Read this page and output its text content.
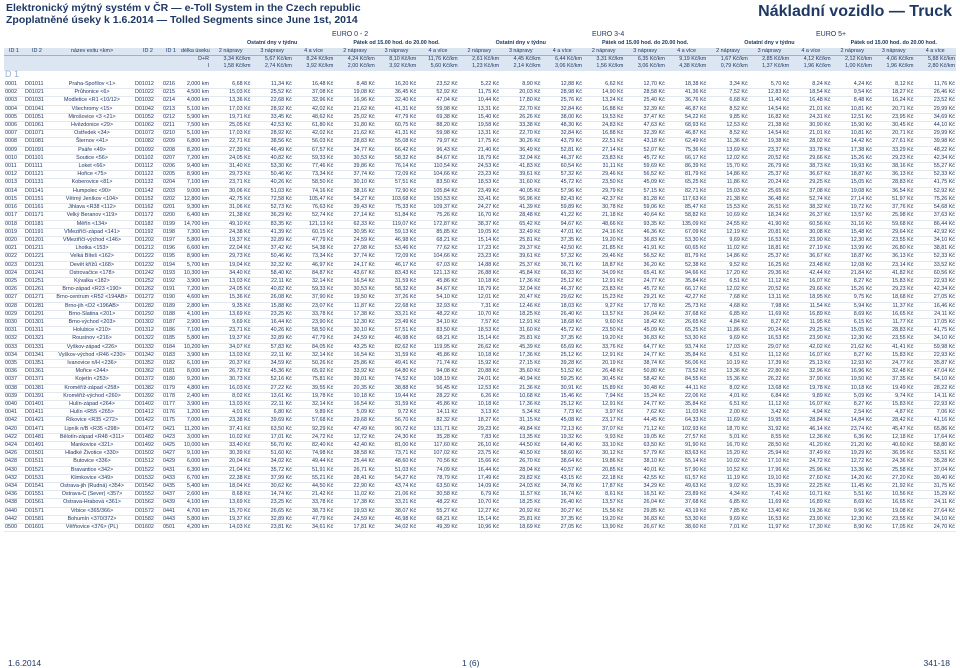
Elektronický mýtný systém v ČR — e-Toll System in the Czech republic
Zpoplatněné úseky k 1.6.2014 — Tolled Segments since June 1st, 2014	Nákladní vozidlo — Truck
EURO 0 - 2	EURO 3-4	EURO 5+
						Ostatní dny v týdnu			Pátek od 15.00 hod. do 20.00 hod.			Ostatní dny v týdnu			Pátek od 15.00 hod. do 20.00 hod.			Ostatní dny v týdnu			Pátek od 15.00 hod. do 20.00 hod.		
ID 1	ID 2	název exitu <km>	ID 2	ID 1	délka úseku	2 nápravy	3 nápravy	4 a více	2 nápravy	3 nápravy	4 a více	2 nápravy	3 nápravy	4 a více	2 nápravy	3 nápravy	4 a více	2 nápravy	3 nápravy	4 a více	2 nápravy	3 nápravy	4 a více
					D+R	3,34 Kč/km	5,67 Kč/km	8,24 Kč/km	4,24 Kč/km	8,10 Kč/km	11,76 Kč/km	2,61 Kč/km	4,45 Kč/km	6,44 Kč/km	3,31 Kč/km	6,35 Kč/km	9,19 Kč/km	1,67 Kč/km	2,85 Kč/km	4,12 Kč/km	2,12 Kč/km	4,06 Kč/km	5,88 Kč/km
					I	1,58 Kč/km	2,74 Kč/km	3,92 Kč/km	2,00 Kč/km	3,92 Kč/km	5,60 Kč/km	1,23 Kč/km	2,14 Kč/km	3,06 Kč/km	1,56 Kč/km	3,06 Kč/km	4,38 Kč/km	0,79 Kč/km	1,37 Kč/km	1,96 Kč/km	1,00 Kč/km	1,96 Kč/km	2,80 Kč/km
D 1																							

0001	D01011	Praha-Spořilov <1>	D01012	0216	2,000 km	6,68 Kč	11,34 Kč	16,48 Kč	8,48 Kč	16,20 Kč	23,52 Kč	5,22 Kč	8,90 Kč	12,88 Kč	6,62 Kč	12,70 Kč	18,38 Kč	3,34 Kč	5,70 Kč	8,24 Kč	4,24 Kč	8,12 Kč	11,76 Kč
0002	D01021	Průhonice <6>	D01022	0215	4,500 km	15,03 Kč	25,52 Kč	37,08 Kč	19,08 Kč	36,45 Kč	52,92 Kč	11,75 Kč	20,03 Kč	28,98 Kč	14,90 Kč	28,58 Kč	41,36 Kč	7,52 Kč	12,83 Kč	18,54 Kč	9,54 Kč	18,27 Kč	26,46 Kč
0003	D01031	Modletice <R1 <10/12>	D01032	0214	4,000 km	13,36 Kč	22,68 Kč	32,96 Kč	16,96 Kč	32,40 Kč	47,04 Kč	10,44 Kč	17,80 Kč	25,76 Kč	13,24 Kč	25,40 Kč	36,76 Kč	6,68 Kč	11,40 Kč	16,48 Kč	8,48 Kč	16,24 Kč	23,52 Kč
0004	D01041	Všechromy <15>	D01042	0213	5,100 km	17,03 Kč	28,92 Kč	42,02 Kč	21,62 Kč	41,31 Kč	59,98 Kč	13,31 Kč	22,70 Kč	32,84 Kč	16,88 Kč	32,39 Kč	46,87 Kč	8,52 Kč	14,54 Kč	21,01 Kč	10,81 Kč	20,71 Kč	29,99 Kč
0005	D01051	Mirošovice <3 <21>	D01052	0212	5,900 km	19,71 Kč	33,45 Kč	48,62 Kč	25,02 Kč	47,79 Kč	69,38 Kč	15,40 Kč	26,26 Kč	38,00 Kč	19,53 Kč	37,47 Kč	54,22 Kč	9,85 Kč	16,82 Kč	24,31 Kč	12,51 Kč	23,95 Kč	34,69 Kč
0006	D01061	Hvězdonice <29>	D01062	0211	7,500 km	25,05 Kč	42,53 Kč	61,80 Kč	31,80 Kč	60,75 Kč	88,20 Kč	19,58 Kč	33,38 Kč	48,30 Kč	24,83 Kč	47,63 Kč	68,93 Kč	12,53 Kč	21,38 Kč	30,90 Kč	15,90 Kč	30,45 Kč	44,10 Kč
0007	D01071	Ostředek <34>	D01072	0210	5,100 km	17,03 Kč	28,92 Kč	42,02 Kč	21,62 Kč	41,31 Kč	59,98 Kč	13,31 Kč	22,70 Kč	32,84 Kč	16,88 Kč	32,39 Kč	46,87 Kč	8,52 Kč	14,54 Kč	21,01 Kč	10,81 Kč	20,71 Kč	29,99 Kč
0008	D01081	Šternov <41>	D01082	0209	6,800 km	22,71 Kč	38,56 Kč	56,03 Kč	28,83 Kč	55,08 Kč	79,97 Kč	17,75 Kč	30,26 Kč	43,79 Kč	22,51 Kč	43,18 Kč	62,49 Kč	11,36 Kč	19,38 Kč	28,02 Kč	14,42 Kč	27,61 Kč	39,98 Kč
0009	D01091	Psáře <49>	D01092	0208	8,200 km	27,39 Kč	46,49 Kč	67,57 Kč	34,77 Kč	66,42 Kč	96,43 Kč	21,40 Kč	36,49 Kč	52,81 Kč	27,14 Kč	52,07 Kč	75,36 Kč	13,69 Kč	23,37 Kč	33,78 Kč	17,38 Kč	33,29 Kč	48,22 Kč
0010	D01101	Soutice <56>	D01102	0207	7,200 km	24,05 Kč	40,82 Kč	59,33 Kč	30,53 Kč	58,32 Kč	84,67 Kč	18,79 Kč	32,04 Kč	46,37 Kč	23,83 Kč	45,72 Kč	66,17 Kč	12,02 Kč	20,52 Kč	29,66 Kč	15,26 Kč	29,23 Kč	42,34 Kč
0011	D01111	Loket <66>	D01112	0206	9,400 km	31,40 Kč	53,30 Kč	77,46 Kč	39,86 Kč	76,14 Kč	110,54 Kč	24,53 Kč	41,83 Kč	60,54 Kč	31,11 Kč	59,69 Kč	86,39 Kč	15,70 Kč	26,79 Kč	38,73 Kč	19,93 Kč	38,16 Kč	55,27 Kč
0012	D01121	Hořice <75>	D01122	0205	8,900 km	29,73 Kč	50,46 Kč	73,34 Kč	37,74 Kč	72,09 Kč	104,66 Kč	23,23 Kč	39,61 Kč	57,32 Kč	29,46 Kč	56,52 Kč	81,79 Kč	14,86 Kč	25,37 Kč	36,67 Kč	18,87 Kč	36,13 Kč	52,33 Kč
0013	D01131	Koberovice <81>	D01132	0204	7,100 km	23,71 Kč	40,26 Kč	58,50 Kč	30,10 Kč	57,51 Kč	83,50 Kč	18,53 Kč	31,60 Kč	45,72 Kč	23,50 Kč	45,09 Kč	65,25 Kč	11,86 Kč	20,24 Kč	29,25 Kč	15,05 Kč	28,83 Kč	41,75 Kč
0014	D01141	Humpolec <90>	D01142	0203	9,000 km	30,06 Kč	51,03 Kč	74,16 Kč	38,16 Kč	72,90 Kč	105,84 Kč	23,49 Kč	40,05 Kč	57,96 Kč	29,79 Kč	57,15 Kč	82,71 Kč	15,03 Kč	25,65 Kč	37,08 Kč	19,08 Kč	36,54 Kč	52,92 Kč
0015	D01151	Větrný Jeníkov <104>	D01152	0202	12,800 km	42,75 Kč	72,58 Kč	105,47 Kč	54,27 Kč	103,68 Kč	150,53 Kč	33,41 Kč	56,96 Kč	82,43 Kč	42,37 Kč	81,28 Kč	117,63 Kč	21,38 Kč	36,48 Kč	52,74 Kč	27,14 Kč	51,97 Kč	75,26 Kč
0016	D01161	Jihlava <R38 <112>	D01162	0201	9,300 km	31,06 Kč	52,73 Kč	76,63 Kč	39,43 Kč	75,33 Kč	109,37 Kč	24,27 Kč	41,39 Kč	59,89 Kč	30,78 Kč	59,06 Kč	85,47 Kč	15,53 Kč	26,51 Kč	38,32 Kč	19,72 Kč	37,76 Kč	54,68 Kč
0017	D01171	Velký Beranov <119>	D01172	0200	6,400 km	21,38 Kč	36,29 Kč	52,74 Kč	27,14 Kč	51,84 Kč	75,26 Kč	16,70 Kč	28,48 Kč	41,22 Kč	21,18 Kč	40,64 Kč	58,82 Kč	10,69 Kč	18,24 Kč	26,37 Kč	13,57 Kč	25,98 Kč	37,63 Kč
0018	D01181	Měřín <134>	D01182	0199	14,700 km	49,10 Kč	83,35 Kč	121,13 Kč	62,33 Kč	119,07 Kč	172,87 Kč	38,37 Kč	65,42 Kč	94,67 Kč	48,66 Kč	93,35 Kč	135,09 Kč	24,55 Kč	41,90 Kč	60,56 Kč	31,16 Kč	59,68 Kč	86,44 Kč
0019	D01191	VMeziříčí-západ <141>	D01192	0198	7,300 km	24,38 Kč	41,39 Kč	60,15 Kč	30,95 Kč	59,13 Kč	85,85 Kč	19,05 Kč	32,49 Kč	47,01 Kč	24,16 Kč	46,36 Kč	67,09 Kč	12,19 Kč	20,81 Kč	30,08 Kč	15,48 Kč	29,64 Kč	42,92 Kč
0020	D01201	VMeziříčí-východ <146>	D01202	0197	5,800 km	19,37 Kč	32,89 Kč	47,79 Kč	24,59 Kč	46,98 Kč	68,21 Kč	15,14 Kč	25,81 Kč	37,35 Kč	19,20 Kč	36,83 Kč	53,30 Kč	9,69 Kč	16,53 Kč	23,90 Kč	12,30 Kč	23,55 Kč	34,10 Kč
0021	D01211	Lhotka <153>	D01212	0196	6,600 km	22,04 Kč	37,42 Kč	54,38 Kč	27,98 Kč	53,46 Kč	77,62 Kč	17,23 Kč	29,37 Kč	42,50 Kč	21,85 Kč	41,91 Kč	60,65 Kč	11,02 Kč	18,81 Kč	27,19 Kč	13,99 Kč	26,80 Kč	38,81 Kč
0022	D01221	Velká Bíteš <162>	D01222	0195	8,900 km	29,73 Kč	50,46 Kč	73,34 Kč	37,74 Kč	72,09 Kč	104,66 Kč	23,23 Kč	39,61 Kč	57,32 Kč	29,46 Kč	56,52 Kč	81,79 Kč	14,86 Kč	25,37 Kč	36,67 Kč	18,87 Kč	36,13 Kč	52,33 Kč
0023	D01231	Devět křížů <168>	D01232	0194	5,700 km	19,04 Kč	32,32 Kč	46,97 Kč	24,17 Kč	46,17 Kč	67,03 Kč	14,88 Kč	25,37 Kč	36,71 Kč	18,87 Kč	36,20 Kč	52,38 Kč	9,52 Kč	16,25 Kč	23,48 Kč	12,08 Kč	23,14 Kč	33,52 Kč
0024	D01241	Ostrovačice <178>	D01242	0193	10,300 km	34,40 Kč	58,40 Kč	84,87 Kč	43,67 Kč	83,43 Kč	121,13 Kč	26,88 Kč	45,84 Kč	66,33 Kč	34,09 Kč	65,41 Kč	94,66 Kč	17,20 Kč	29,36 Kč	42,44 Kč	21,84 Kč	41,82 Kč	60,56 Kč
0025	D01251	Kývalka <182>	D01252	0192	3,900 km	13,03 Kč	22,11 Kč	32,14 Kč	16,54 Kč	31,59 Kč	45,86 Kč	10,18 Kč	17,36 Kč	25,12 Kč	12,91 Kč	24,77 Kč	35,84 Kč	6,51 Kč	11,12 Kč	16,07 Kč	8,27 Kč	15,83 Kč	22,93 Kč
0026	D01261	Brno-západ <R23 <190>	D01262	0191	7,200 km	24,05 Kč	40,82 Kč	59,33 Kč	30,53 Kč	58,32 Kč	84,67 Kč	18,79 Kč	32,04 Kč	46,37 Kč	23,83 Kč	45,72 Kč	66,17 Kč	12,02 Kč	20,52 Kč	29,66 Kč	15,26 Kč	29,23 Kč	42,34 Kč
0027	D01271	Brno-centrum <R52 <194AB>	D01272	0190	4,600 km	15,36 Kč	26,08 Kč	37,90 Kč	19,50 Kč	37,26 Kč	54,10 Kč	12,01 Kč	20,47 Kč	29,62 Kč	15,23 Kč	29,21 Kč	42,27 Kč	7,68 Kč	13,11 Kč	18,95 Kč	9,75 Kč	18,68 Kč	27,05 Kč
0028	D01281	Brno-jih <D2 <196AB>	D01282	0189	2,800 km	9,35 Kč	15,88 Kč	23,07 Kč	11,87 Kč	22,68 Kč	32,93 Kč	7,31 Kč	12,46 Kč	18,03 Kč	9,27 Kč	17,78 Kč	25,73 Kč	4,68 Kč	7,98 Kč	11,54 Kč	5,94 Kč	11,37 Kč	16,46 Kč
0029	D01291	Brno-Slatina <201>	D01292	0188	4,100 km	13,69 Kč	23,25 Kč	33,78 Kč	17,38 Kč	33,21 Kč	48,22 Kč	10,70 Kč	18,25 Kč	26,40 Kč	13,57 Kč	26,04 Kč	37,68 Kč	6,85 Kč	11,69 Kč	16,89 Kč	8,69 Kč	16,65 Kč	24,11 Kč
0030	D01301	Brno-východ <203>	D01302	0187	2,900 km	9,69 Kč	16,44 Kč	23,90 Kč	12,30 Kč	23,49 Kč	34,10 Kč	7,57 Kč	12,91 Kč	18,68 Kč	9,60 Kč	18,42 Kč	26,65 Kč	4,84 Kč	8,27 Kč	11,95 Kč	6,15 Kč	11,77 Kč	17,05 Kč
0031	D01311	Holubice <210>	D01312	0186	7,100 km	23,71 Kč	40,26 Kč	58,50 Kč	30,10 Kč	57,51 Kč	83,50 Kč	18,53 Kč	31,60 Kč	45,72 Kč	23,50 Kč	45,09 Kč	65,25 Kč	11,86 Kč	20,24 Kč	29,25 Kč	15,05 Kč	28,83 Kč	41,75 Kč
0032	D01321	Rousínov <216>	D01322	0185	5,800 km	19,37 Kč	32,89 Kč	47,79 Kč	24,59 Kč	46,98 Kč	68,21 Kč	15,14 Kč	25,81 Kč	37,35 Kč	19,20 Kč	36,83 Kč	53,30 Kč	9,69 Kč	16,53 Kč	23,90 Kč	12,30 Kč	23,55 Kč	34,10 Kč
0033	D01331	Vyškov-západ <226>	D01332	0184	10,200 km	34,07 Kč	57,83 Kč	84,05 Kč	43,25 Kč	82,62 Kč	119,95 Kč	26,62 Kč	45,39 Kč	65,69 Kč	33,76 Kč	64,77 Kč	93,74 Kč	17,03 Kč	29,07 Kč	42,02 Kč	21,62 Kč	41,41 Kč	59,98 Kč
0034	D01341	Vyškov-východ <R46 <230>	D01342	0183	3,900 km	13,03 Kč	22,11 Kč	32,14 Kč	16,54 Kč	31,59 Kč	45,86 Kč	10,18 Kč	17,36 Kč	25,12 Kč	12,91 Kč	24,77 Kč	35,84 Kč	6,51 Kč	11,12 Kč	16,07 Kč	8,27 Kč	15,83 Kč	22,93 Kč
0035	D01351	Ivanovice n/H <236>	D01352	0182	6,100 km	20,37 Kč	34,59 Kč	50,26 Kč	25,86 Kč	49,41 Kč	71,74 Kč	15,92 Kč	27,15 Kč	39,28 Kč	20,19 Kč	38,74 Kč	56,06 Kč	10,19 Kč	17,39 Kč	25,13 Kč	12,93 Kč	24,77 Kč	35,87 Kč
0036	D01361	Mořice <244>	D01362	0181	8,000 km	26,72 Kč	45,36 Kč	65,92 Kč	33,92 Kč	64,80 Kč	94,08 Kč	20,88 Kč	35,60 Kč	51,52 Kč	26,48 Kč	50,80 Kč	73,52 Kč	13,36 Kč	22,80 Kč	32,96 Kč	16,96 Kč	32,48 Kč	47,04 Kč
0037	D01371	Kojetín <253>	D01372	0180	9,200 km	30,73 Kč	52,16 Kč	75,81 Kč	39,01 Kč	74,52 Kč	108,19 Kč	24,01 Kč	40,94 Kč	59,25 Kč	30,45 Kč	58,42 Kč	84,55 Kč	15,36 Kč	26,22 Kč	37,90 Kč	19,50 Kč	37,35 Kč	54,10 Kč
0038	D01381	Kroměříž-západ <258>	D01382	0179	4,800 km	16,03 Kč	27,22 Kč	39,55 Kč	20,35 Kč	38,88 Kč	56,45 Kč	12,53 Kč	21,36 Kč	30,91 Kč	15,89 Kč	30,48 Kč	44,11 Kč	8,02 Kč	13,68 Kč	19,78 Kč	10,18 Kč	19,49 Kč	28,22 Kč
0039	D01391	Kroměříž-východ <260>	D01392	0178	2,400 km	8,02 Kč	13,61 Kč	19,78 Kč	10,18 Kč	19,44 Kč	28,22 Kč	6,26 Kč	10,68 Kč	15,46 Kč	7,94 Kč	15,24 Kč	22,06 Kč	4,01 Kč	6,84 Kč	9,89 Kč	5,09 Kč	9,74 Kč	14,11 Kč
0040	D01401	Hulín-západ <264>	D01402	0177	3,900 km	13,03 Kč	22,11 Kč	32,14 Kč	16,54 Kč	31,59 Kč	45,86 Kč	10,18 Kč	17,36 Kč	25,12 Kč	12,91 Kč	24,77 Kč	35,84 Kč	6,51 Kč	11,12 Kč	16,07 Kč	8,27 Kč	15,83 Kč	22,93 Kč
0041	D01411	Hulín <R55 <265>	D01412	0176	1,200 km	4,01 Kč	6,80 Kč	9,89 Kč	5,09 Kč	9,72 Kč	14,11 Kč	3,13 Kč	5,34 Kč	7,73 Kč	3,97 Kč	7,62 Kč	11,03 Kč	2,00 Kč	3,42 Kč	4,94 Kč	2,54 Kč	4,87 Kč	7,06 Kč
0042	D01421	Říkovice <R35 <272>	D01422	0175	7,000 km	23,38 Kč	39,69 Kč	57,68 Kč	29,68 Kč	56,70 Kč	82,32 Kč	18,27 Kč	31,15 Kč	45,08 Kč	23,17 Kč	44,45 Kč	64,33 Kč	11,69 Kč	19,95 Kč	28,84 Kč	14,84 Kč	28,42 Kč	41,16 Kč
0420	D01471	Lipník n/B <R35 <298>	D01472	0421	11,200 km	37,41 Kč	63,50 Kč	92,29 Kč	47,49 Kč	90,72 Kč	131,71 Kč	29,23 Kč	49,84 Kč	72,13 Kč	37,07 Kč	71,12 Kč	102,93 Kč	18,70 Kč	31,92 Kč	46,14 Kč	23,74 Kč	45,47 Kč	65,86 Kč
0422	D01481	Bělotín-západ <R48 <311>	D01482	0423	3,000 km	10,02 Kč	17,01 Kč	24,72 Kč	12,72 Kč	24,30 Kč	35,28 Kč	7,83 Kč	13,35 Kč	19,32 Kč	9,93 Kč	19,05 Kč	27,57 Kč	5,01 Kč	8,55 Kč	12,36 Kč	6,36 Kč	12,18 Kč	17,64 Kč
0424	D01491	Mankovice <321>	D01492	0425	10,000 km	33,40 Kč	56,70 Kč	82,40 Kč	42,40 Kč	81,00 Kč	117,60 Kč	26,10 Kč	44,50 Kč	64,40 Kč	33,10 Kč	63,50 Kč	91,90 Kč	16,70 Kč	28,50 Kč	41,20 Kč	21,20 Kč	40,60 Kč	58,80 Kč
0426	D01501	Hladké Životice <330>	D01502	0427	9,100 km	30,39 Kč	51,60 Kč	74,98 Kč	38,58 Kč	73,71 Kč	107,02 Kč	23,75 Kč	40,50 Kč	58,60 Kč	30,12 Kč	57,79 Kč	83,63 Kč	15,20 Kč	25,94 Kč	37,49 Kč	19,29 Kč	36,95 Kč	53,51 Kč
0428	D01511	Butovice <336>	D01512	0429	6,000 km	20,04 Kč	34,02 Kč	49,44 Kč	25,44 Kč	48,60 Kč	70,56 Kč	15,66 Kč	26,70 Kč	38,64 Kč	19,86 Kč	38,10 Kč	55,14 Kč	10,02 Kč	17,10 Kč	24,72 Kč	12,72 Kč	24,36 Kč	35,28 Kč
0430	D01521	Bravantice <342>	D01522	0431	6,300 km	21,04 Kč	35,72 Kč	51,91 Kč	26,71 Kč	51,03 Kč	74,09 Kč	16,44 Kč	28,04 Kč	40,57 Kč	20,85 Kč	40,01 Kč	57,90 Kč	10,52 Kč	17,96 Kč	25,96 Kč	13,36 Kč	25,58 Kč	37,04 Kč
0432	D01531	Klimkovice <349>	D01532	0433	6,700 km	22,38 Kč	37,99 Kč	55,21 Kč	28,41 Kč	54,27 Kč	78,79 Kč	17,49 Kč	29,82 Kč	43,15 Kč	22,18 Kč	42,55 Kč	61,57 Kč	11,19 Kč	19,10 Kč	27,60 Kč	14,20 Kč	27,20 Kč	39,40 Kč
0434	D01541	Ostrava-jih (Rudná) <354>	D01542	0435	5,400 km	18,04 Kč	30,62 Kč	44,50 Kč	22,90 Kč	43,74 Kč	63,50 Kč	14,09 Kč	24,03 Kč	34,78 Kč	17,87 Kč	34,29 Kč	49,63 Kč	9,02 Kč	15,39 Kč	22,25 Kč	11,45 Kč	21,92 Kč	31,75 Kč
0436	D01551	Ostrava-C (Sever) <357>	D01552	0437	2,600 km	8,68 Kč	14,74 Kč	21,42 Kč	11,02 Kč	21,06 Kč	30,58 Kč	6,79 Kč	11,57 Kč	16,74 Kč	8,61 Kč	16,51 Kč	23,89 Kč	4,34 Kč	7,41 Kč	10,71 Kč	5,51 Kč	10,56 Kč	15,29 Kč
0438	D01561	Ostrava-Hrabová <361>	D01562	0439	4,100 km	13,69 Kč	23,25 Kč	33,78 Kč	17,38 Kč	33,21 Kč	48,22 Kč	10,70 Kč	18,25 Kč	26,40 Kč	13,57 Kč	26,04 Kč	37,68 Kč	6,85 Kč	11,69 Kč	16,89 Kč	8,69 Kč	16,65 Kč	24,11 Kč
0440	D01571	Vrbice <365/366>	D01572	0441	4,700 km	15,70 Kč	26,65 Kč	38,73 Kč	19,93 Kč	38,07 Kč	55,27 Kč	12,27 Kč	20,92 Kč	30,27 Kč	15,56 Kč	29,85 Kč	43,19 Kč	7,85 Kč	13,40 Kč	19,36 Kč	9,96 Kč	19,08 Kč	27,64 Kč
0442	D01581	Bohumín <370/372>	D01582	0443	5,800 km	19,37 Kč	32,89 Kč	47,79 Kč	24,59 Kč	46,98 Kč	68,21 Kč	15,14 Kč	25,81 Kč	37,35 Kč	19,20 Kč	36,83 Kč	53,30 Kč	9,69 Kč	16,53 Kč	23,90 Kč	12,30 Kč	23,55 Kč	34,10 Kč
0500	D01601	Věřňovice <376> (PL)	D01602	0501	4,200 km	14,03 Kč	23,81 Kč	34,61 Kč	17,81 Kč	34,02 Kč	49,39 Kč	10,96 Kč	18,69 Kč	27,05 Kč	13,90 Kč	26,67 Kč	38,60 Kč	7,01 Kč	11,97 Kč	17,30 Kč	8,90 Kč	17,05 Kč	24,70 Kč
1.6.2014	1 (6)	341-18
